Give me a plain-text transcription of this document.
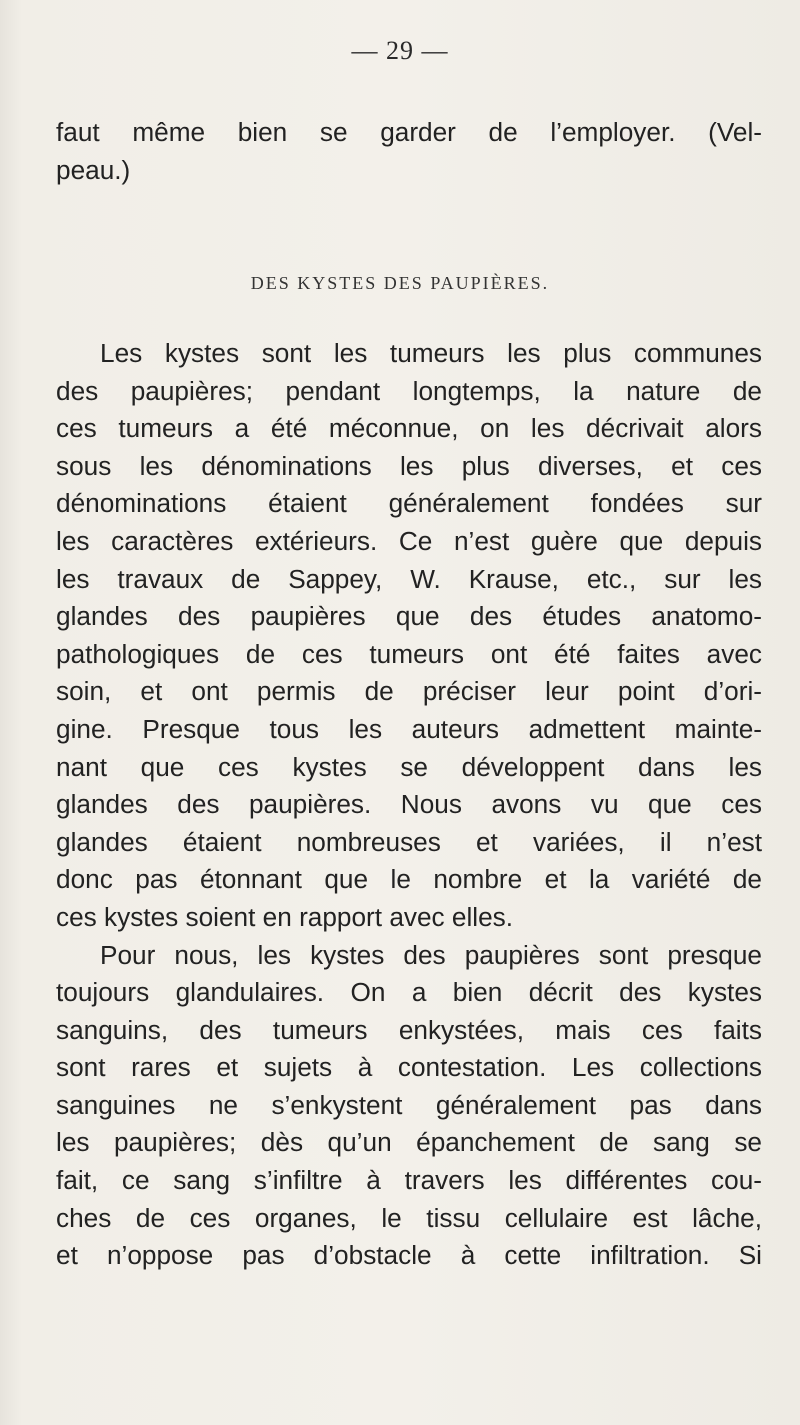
— 29 —
faut même bien se garder de l’employer. (Vel-
peau.)
DES KYSTES DES PAUPIÈRES.
Les kystes sont les tumeurs les plus communes
des paupières; pendant longtemps, la nature de
ces tumeurs a été méconnue, on les décrivait alors
sous les dénominations les plus diverses, et ces
dénominations étaient généralement fondées sur
les caractères extérieurs. Ce n’est guère que depuis
les travaux de Sappey, W. Krause, etc., sur les
glandes des paupières que des études anatomo-
pathologiques de ces tumeurs ont été faites avec
soin, et ont permis de préciser leur point d’ori-
gine. Presque tous les auteurs admettent mainte-
nant que ces kystes se développent dans les
glandes des paupières. Nous avons vu que ces
glandes étaient nombreuses et variées, il n’est
donc pas étonnant que le nombre et la variété de
ces kystes soient en rapport avec elles.
Pour nous, les kystes des paupières sont presque
toujours glandulaires. On a bien décrit des kystes
sanguins, des tumeurs enkystées, mais ces faits
sont rares et sujets à contestation. Les collections
sanguines ne s’enkystent généralement pas dans
les paupières; dès qu’un épanchement de sang se
fait, ce sang s’infiltre à travers les différentes cou-
ches de ces organes, le tissu cellulaire est lâche,
et n’oppose pas d’obstacle à cette infiltration. Si
